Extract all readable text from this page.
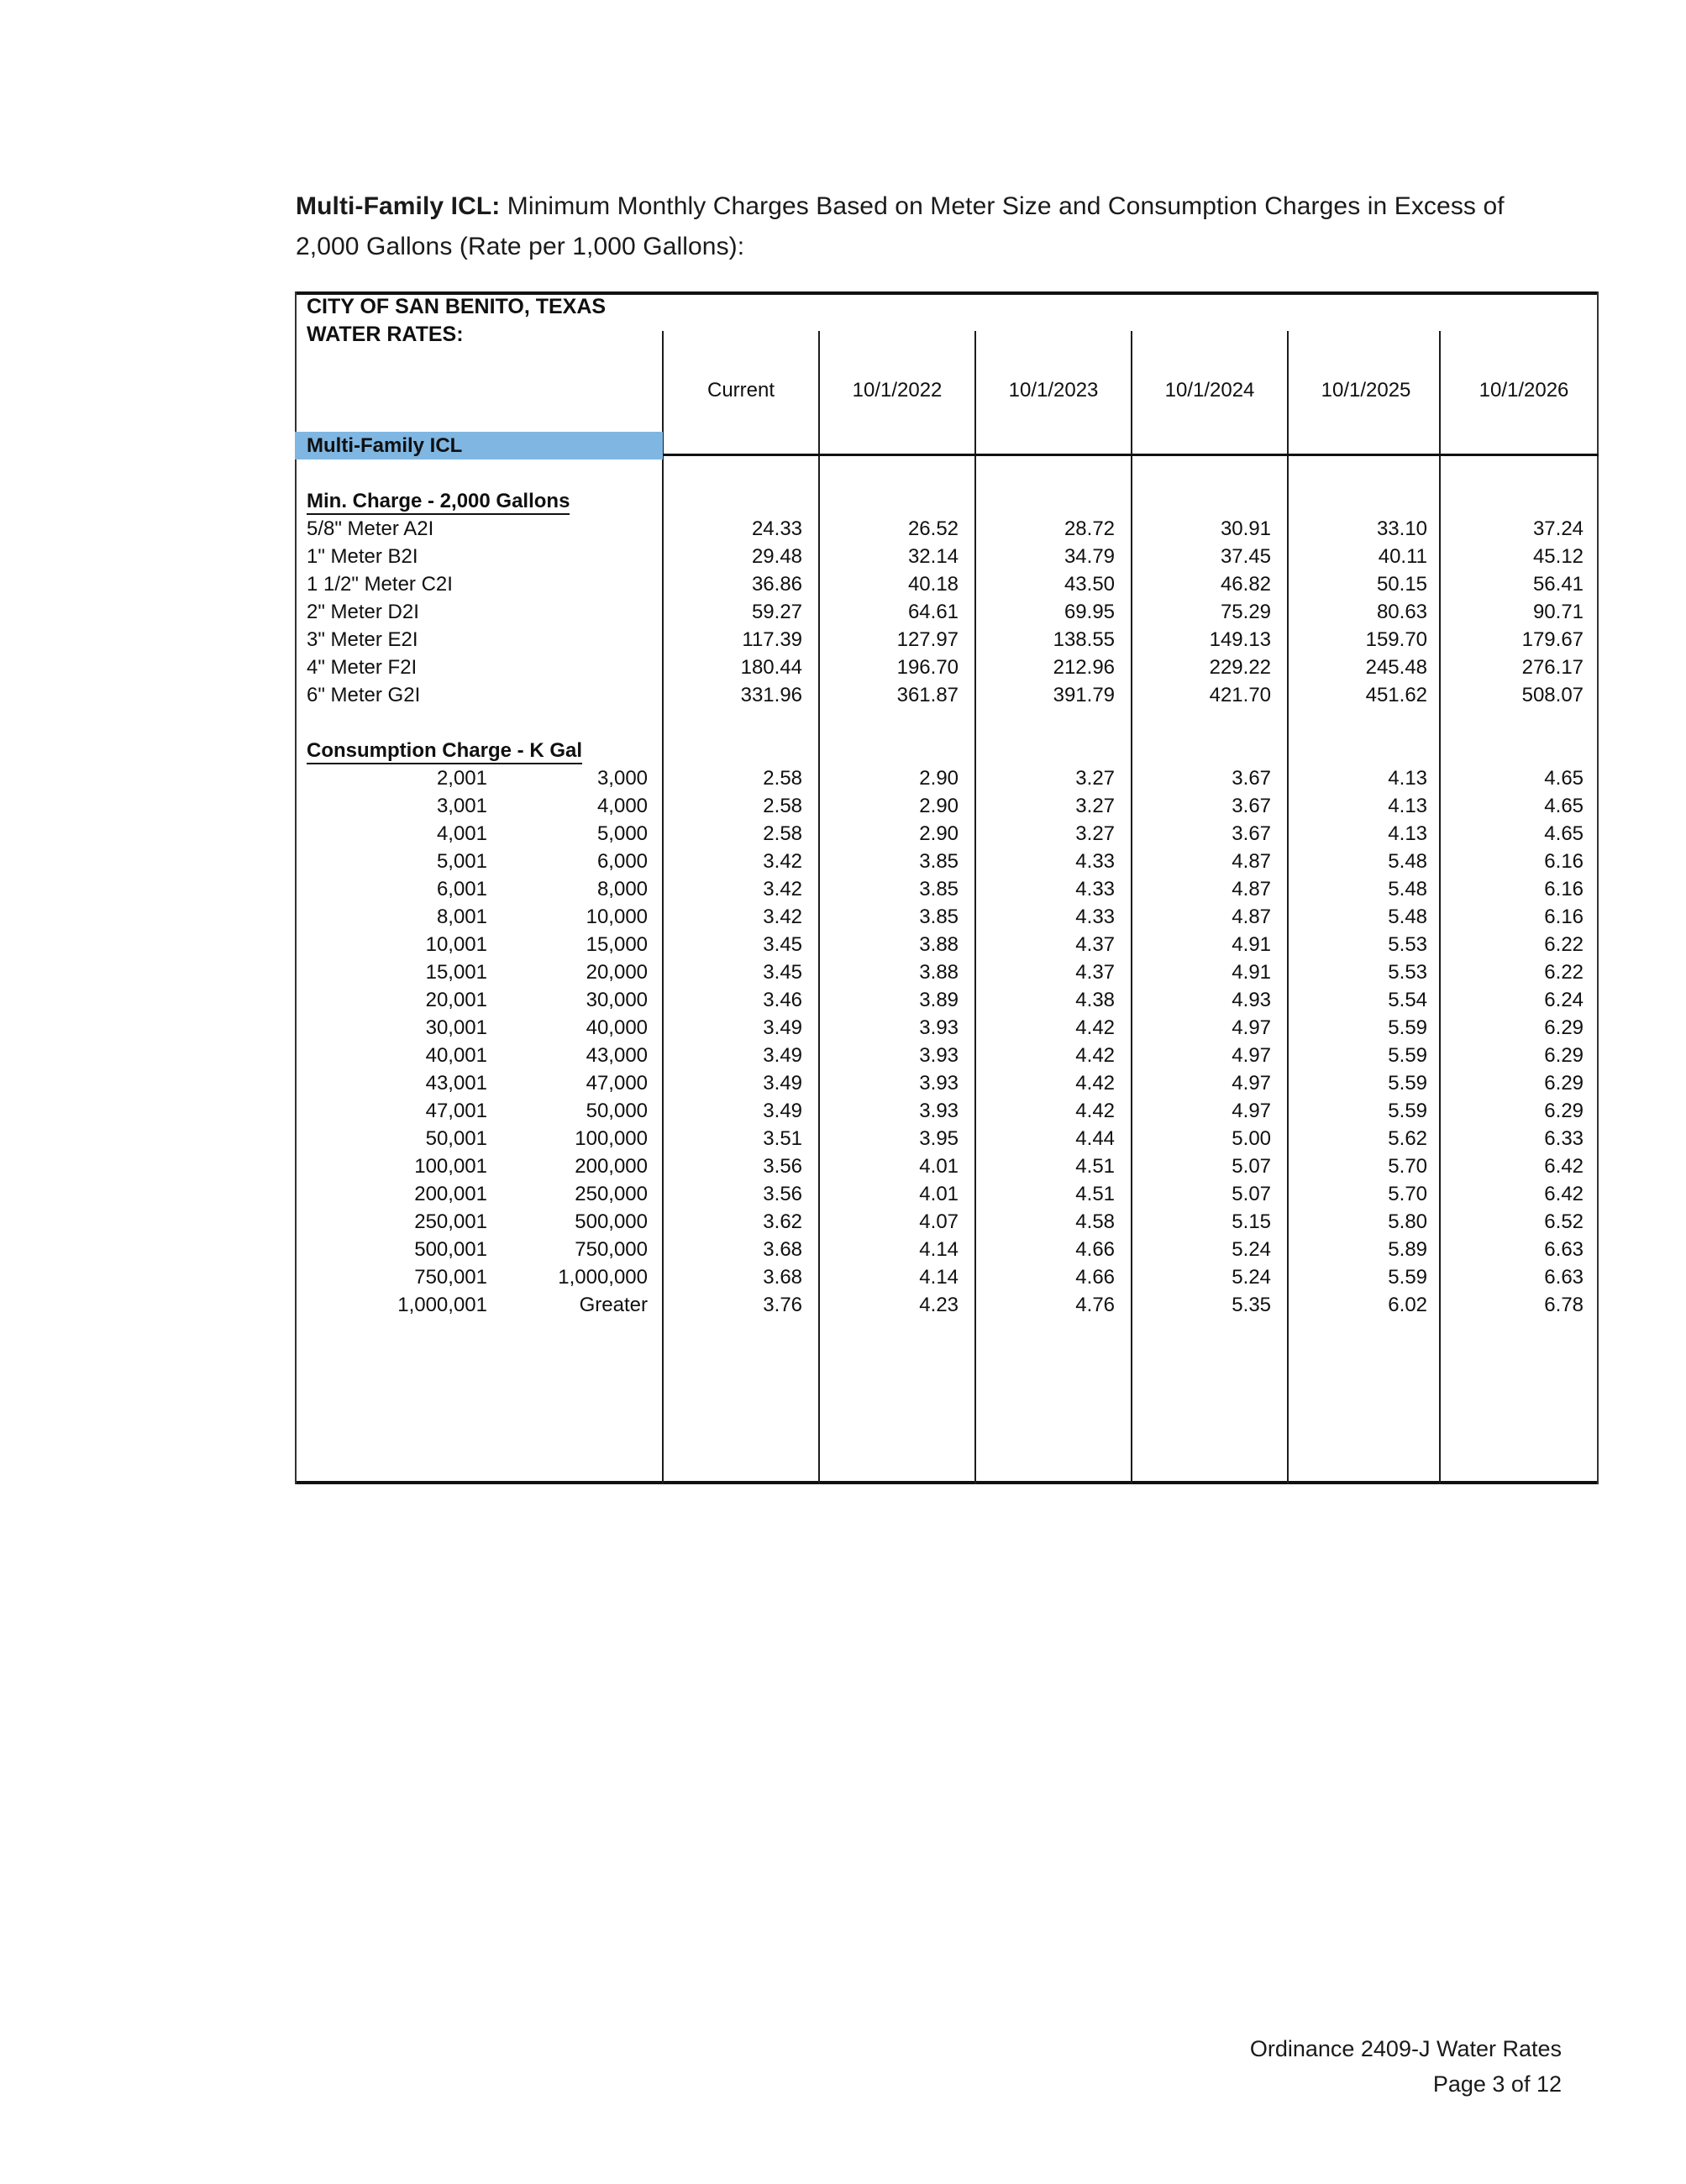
Multi-Family ICL: Minimum Monthly Charges Based on Meter Size and Consumption Charges in Excess of 2,000 Gallons (Rate per 1,000 Gallons):
CITY OF SAN BENITO, TEXAS							
WATER RATES:							

		Current	10/1/2022	10/1/2023	10/1/2024	10/1/2025	10/1/2026

Multi-Family ICL							

Min. Charge - 2,000 Gallons							
5/8" Meter A2I		24.33	26.52	28.72	30.91	33.10	37.24
1" Meter B2I		29.48	32.14	34.79	37.45	40.11	45.12
1 1/2" Meter C2I		36.86	40.18	43.50	46.82	50.15	56.41
2" Meter D2I		59.27	64.61	69.95	75.29	80.63	90.71
3" Meter E2I		117.39	127.97	138.55	149.13	159.70	179.67
4" Meter F2I		180.44	196.70	212.96	229.22	245.48	276.17
6" Meter G2I		331.96	361.87	391.79	421.70	451.62	508.07

Consumption Charge - K Gal							
2,001	3,000	2.58	2.90	3.27	3.67	4.13	4.65
3,001	4,000	2.58	2.90	3.27	3.67	4.13	4.65
4,001	5,000	2.58	2.90	3.27	3.67	4.13	4.65
5,001	6,000	3.42	3.85	4.33	4.87	5.48	6.16
6,001	8,000	3.42	3.85	4.33	4.87	5.48	6.16
8,001	10,000	3.42	3.85	4.33	4.87	5.48	6.16
10,001	15,000	3.45	3.88	4.37	4.91	5.53	6.22
15,001	20,000	3.45	3.88	4.37	4.91	5.53	6.22
20,001	30,000	3.46	3.89	4.38	4.93	5.54	6.24
30,001	40,000	3.49	3.93	4.42	4.97	5.59	6.29
40,001	43,000	3.49	3.93	4.42	4.97	5.59	6.29
43,001	47,000	3.49	3.93	4.42	4.97	5.59	6.29
47,001	50,000	3.49	3.93	4.42	4.97	5.59	6.29
50,001	100,000	3.51	3.95	4.44	5.00	5.62	6.33
100,001	200,000	3.56	4.01	4.51	5.07	5.70	6.42
200,001	250,000	3.56	4.01	4.51	5.07	5.70	6.42
250,001	500,000	3.62	4.07	4.58	5.15	5.80	6.52
500,001	750,000	3.68	4.14	4.66	5.24	5.89	6.63
750,001	1,000,000	3.68	4.14	4.66	5.24	5.59	6.63
1,000,001	Greater	3.76	4.23	4.76	5.35	6.02	6.78

Ordinance 2409-J Water Rates
Page 3 of 12
